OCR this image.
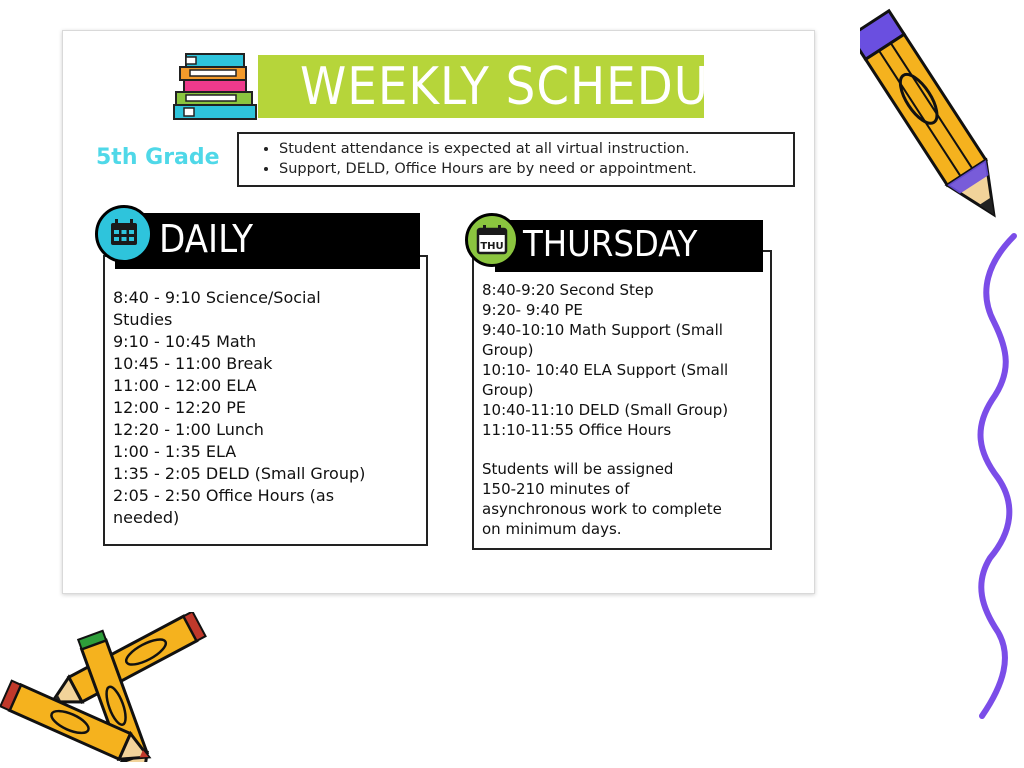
WEEKLY SCHEDULE
5th Grade
•	Student attendance is expected at all virtual instruction.
• Support, DELD, Office Hours are by need or appointment.
8:40 - 9:10 Science/Social
Studies
9:10 - 10:45 Math
10:45 - 11:00 Break
11:00 - 12:00 ELA
12:00 - 12:20 PE
12:20 - 1:00 Lunch
1:00 - 1:35 ELA
1:35 - 2:05 DELD (Small Group)
2:05 - 2:50 Office Hours (as
needed)
DAILY
8:40-9:20 Second Step
9:20- 9:40 PE
9:40-10:10 Math Support (Small
Group)
10:10- 10:40 ELA Support (Small
Group)
10:40-11:10 DELD (Small Group)
11:10-11:55 Office Hours
Students will be assigned
150-210 minutes of
asynchronous work to complete
on minimum days.
THURSDAY
THU
